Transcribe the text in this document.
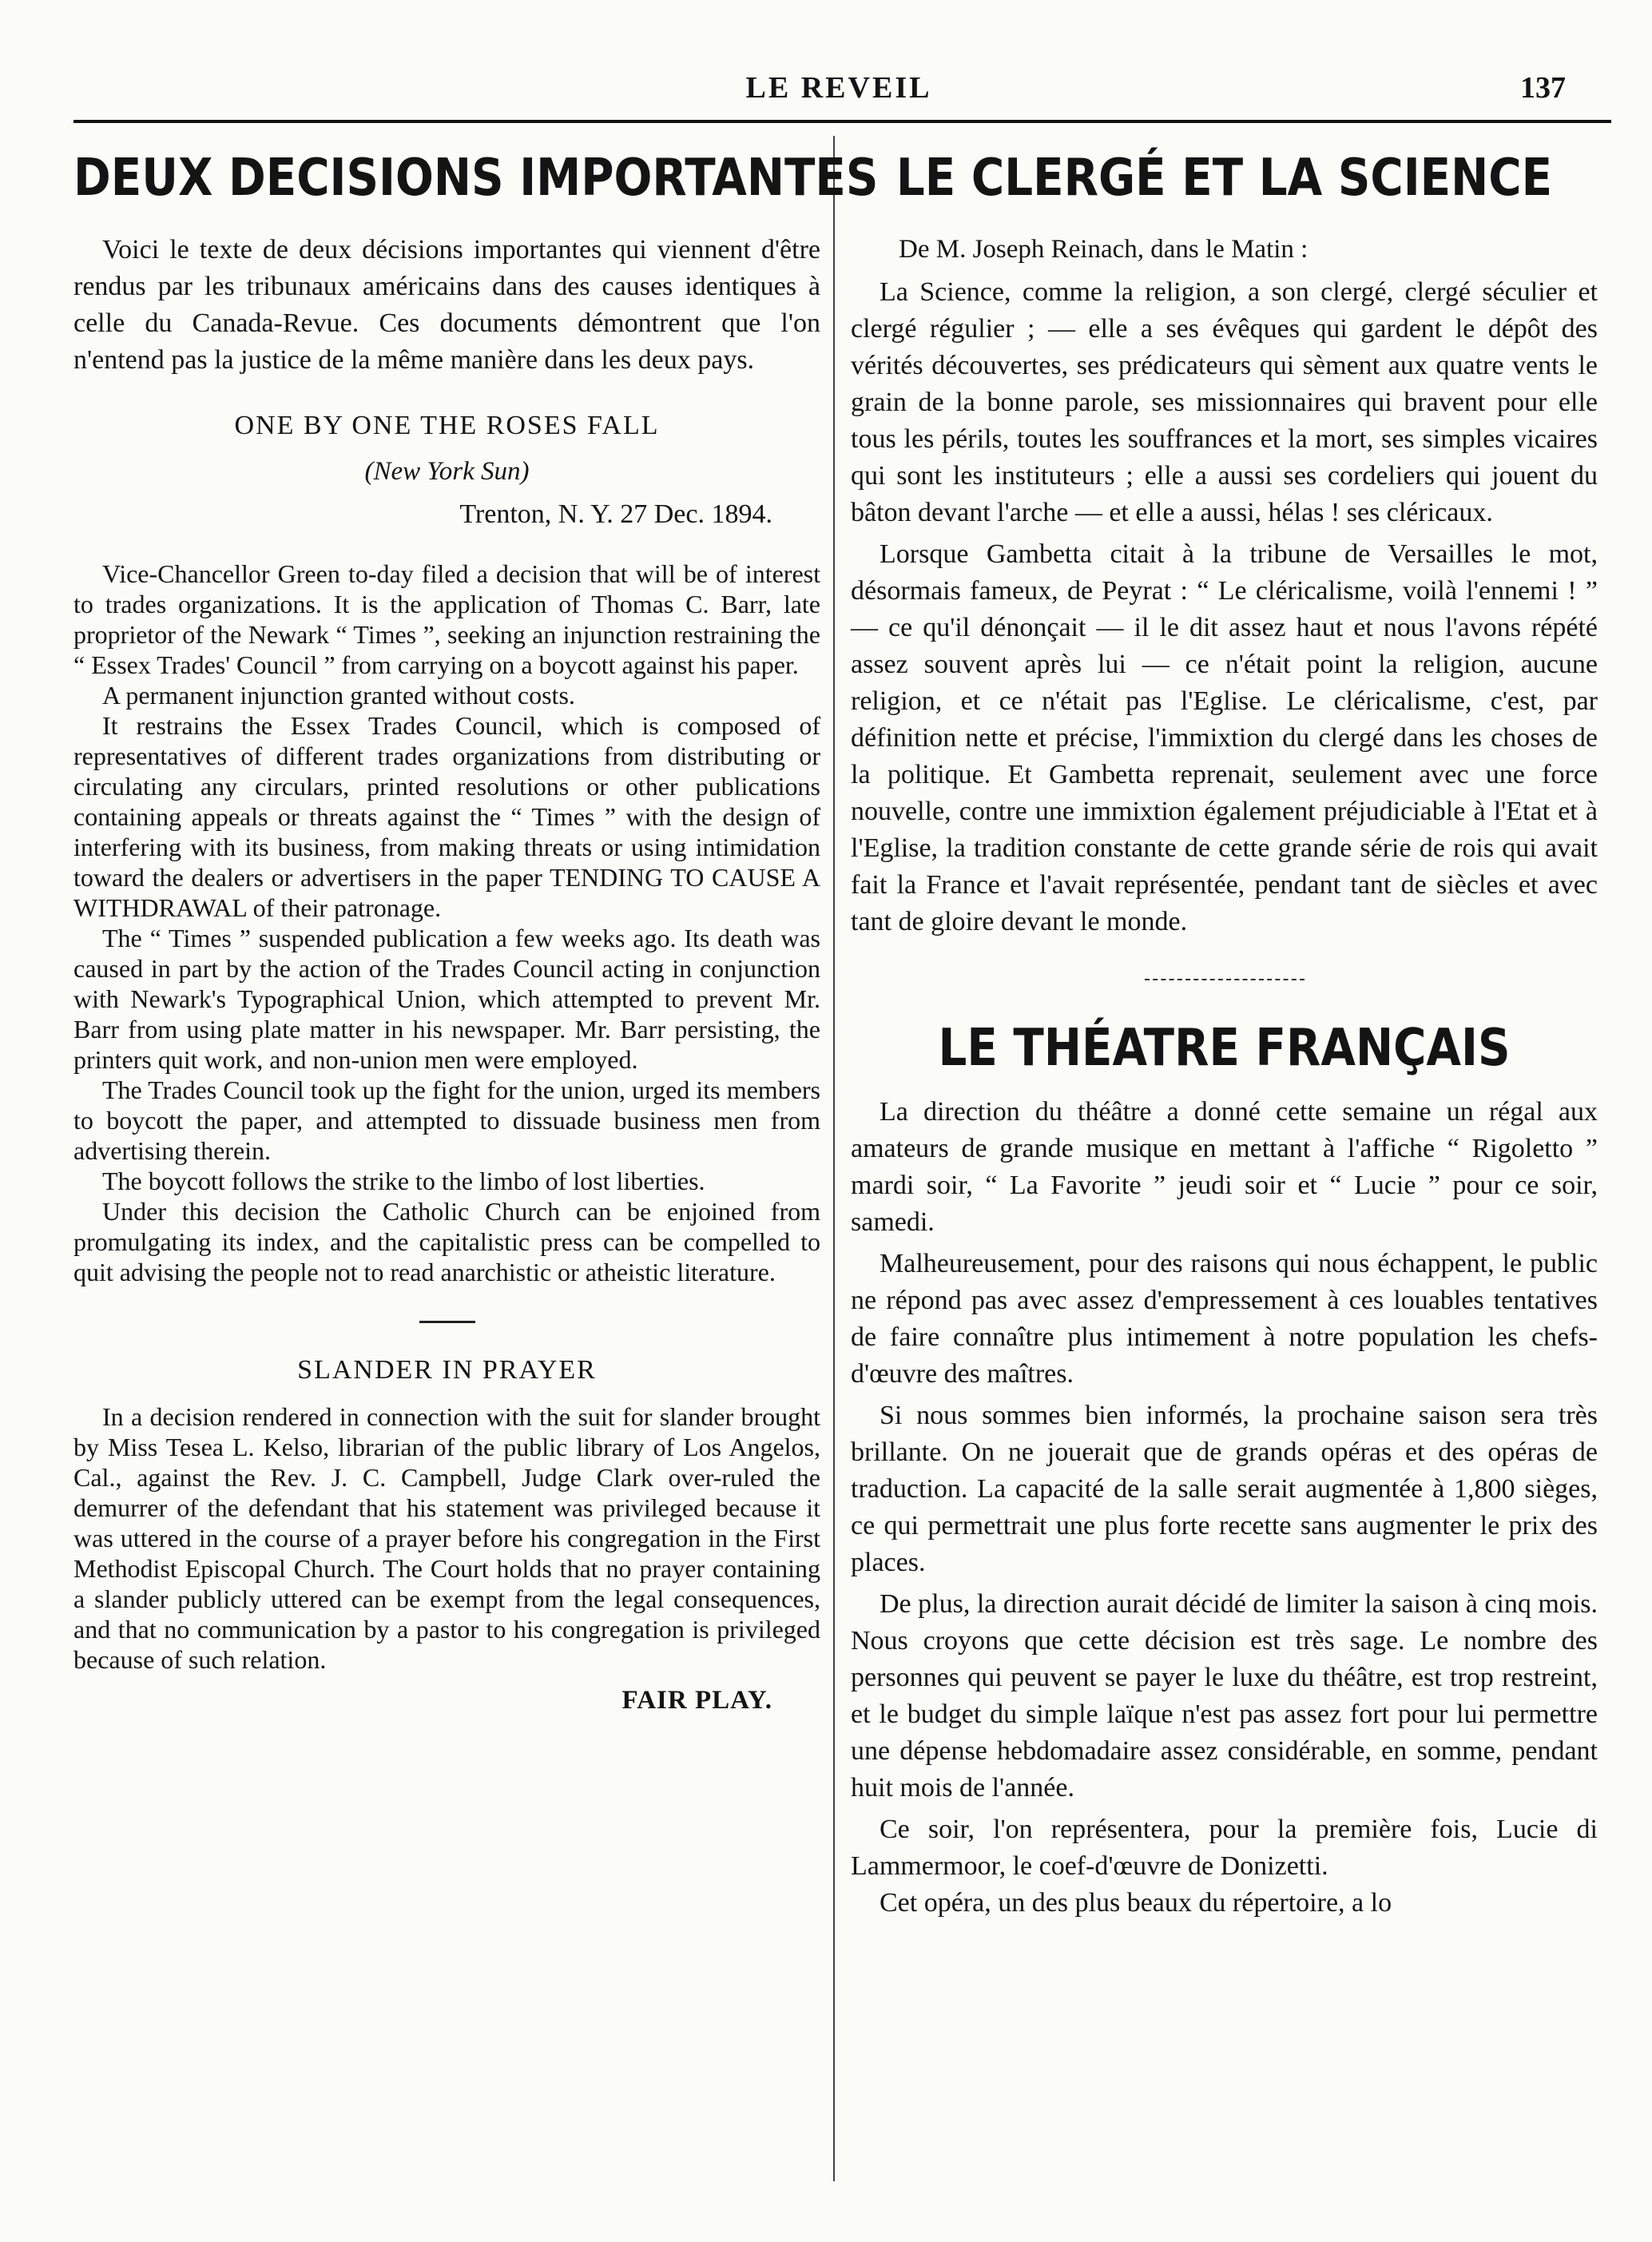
LE REVEIL	137
DEUX DECISIONS IMPORTANTES

Voici le texte de deux décisions importantes qui viennent d'être rendus par les tribunaux américains dans des causes identiques à celle du Canada-Revue. Ces documents démontrent que l'on n'entend pas la justice de la même manière dans les deux pays.

ONE BY ONE THE ROSES FALL
(New York Sun)
Trenton, N. Y. 27 Dec. 1894.

Vice-Chancellor Green to-day filed a decision that will be of interest to trades organizations. It is the application of Thomas C. Barr, late proprietor of the Newark “ Times ”, seeking an injunction restraining the “ Essex Trades' Council ” from carrying on a boycott against his paper.

A permanent injunction granted without costs.

It restrains the Essex Trades Council, which is composed of representatives of different trades organizations from distributing or circulating any circulars, printed resolutions or other publications containing appeals or threats against the “ Times ” with the design of interfering with its business, from making threats or using intimidation toward the dealers or advertisers in the paper TENDING TO CAUSE A WITHDRAWAL of their patronage.

The “ Times ” suspended publication a few weeks ago. Its death was caused in part by the action of the Trades Council acting in conjunction with Newark's Typographical Union, which attempted to prevent Mr. Barr from using plate matter in his newspaper. Mr. Barr persisting, the printers quit work, and non-union men were employed.

The Trades Council took up the fight for the union, urged its members to boycott the paper, and attempted to dissuade business men from advertising therein.

The boycott follows the strike to the limbo of lost liberties.

Under this decision the Catholic Church can be enjoined from promulgating its index, and the capitalistic press can be compelled to quit advising the people not to read anarchistic or atheistic literature.

SLANDER IN PRAYER

In a decision rendered in connection with the suit for slander brought by Miss Tesea L. Kelso, librarian of the public library of Los Angelos, Cal., against the Rev. J. C. Campbell, Judge Clark over-ruled the demurrer of the defendant that his statement was privileged because it was uttered in the course of a prayer before his congregation in the First Methodist Episcopal Church. The Court holds that no prayer containing a slander publicly uttered can be exempt from the legal consequences, and that no communication by a pastor to his congregation is privileged because of such relation.

FAIR PLAY.
LE CLERGÉ ET LA SCIENCE
De M. Joseph Reinach, dans le Matin :

La Science, comme la religion, a son clergé, clergé séculier et clergé régulier ; — elle a ses évêques qui gardent le dépôt des vérités découvertes, ses prédicateurs qui sèment aux quatre vents le grain de la bonne parole, ses missionnaires qui bravent pour elle tous les périls, toutes les souffrances et la mort, ses simples vicaires qui sont les instituteurs ; elle a aussi ses cordeliers qui jouent du bâton devant l'arche — et elle a aussi, hélas ! ses cléricaux.

Lorsque Gambetta citait à la tribune de Versailles le mot, désormais fameux, de Peyrat : “ Le cléricalisme, voilà l'ennemi ! ” — ce qu'il dénonçait — il le dit assez haut et nous l'avons répété assez souvent après lui — ce n'était point la religion, aucune religion, et ce n'était pas l'Eglise. Le cléricalisme, c'est, par définition nette et précise, l'immixtion du clergé dans les choses de la politique. Et Gambetta reprenait, seulement avec une force nouvelle, contre une immixtion également préjudiciable à l'Etat et à l'Eglise, la tradition constante de cette grande série de rois qui avait fait la France et l'avait représentée, pendant tant de siècles et avec tant de gloire devant le monde.

LE THÉATRE FRANÇAIS

La direction du théâtre a donné cette semaine un régal aux amateurs de grande musique en mettant à l'affiche “ Rigoletto ” mardi soir, “ La Favorite ” jeudi soir et “ Lucie ” pour ce soir, samedi.

Malheureusement, pour des raisons qui nous échappent, le public ne répond pas avec assez d'empressement à ces louables tentatives de faire connaître plus intimement à notre population les chefs-d'œuvre des maîtres.

Si nous sommes bien informés, la prochaine saison sera très brillante. On ne jouerait que de grands opéras et des opéras de traduction. La capacité de la salle serait augmentée à 1,800 sièges, ce qui permettrait une plus forte recette sans augmenter le prix des places.

De plus, la direction aurait décidé de limiter la saison à cinq mois. Nous croyons que cette décision est très sage. Le nombre des personnes qui peuvent se payer le luxe du théâtre, est trop restreint, et le budget du simple laïque n'est pas assez fort pour lui permettre une dépense hebdomadaire assez considérable, en somme, pendant huit mois de l'année.

Ce soir, l'on représentera, pour la première fois, Lucie di Lammermoor, le coef-d'œuvre de Donizetti.

Cet opéra, un des plus beaux du répertoire, a lo
